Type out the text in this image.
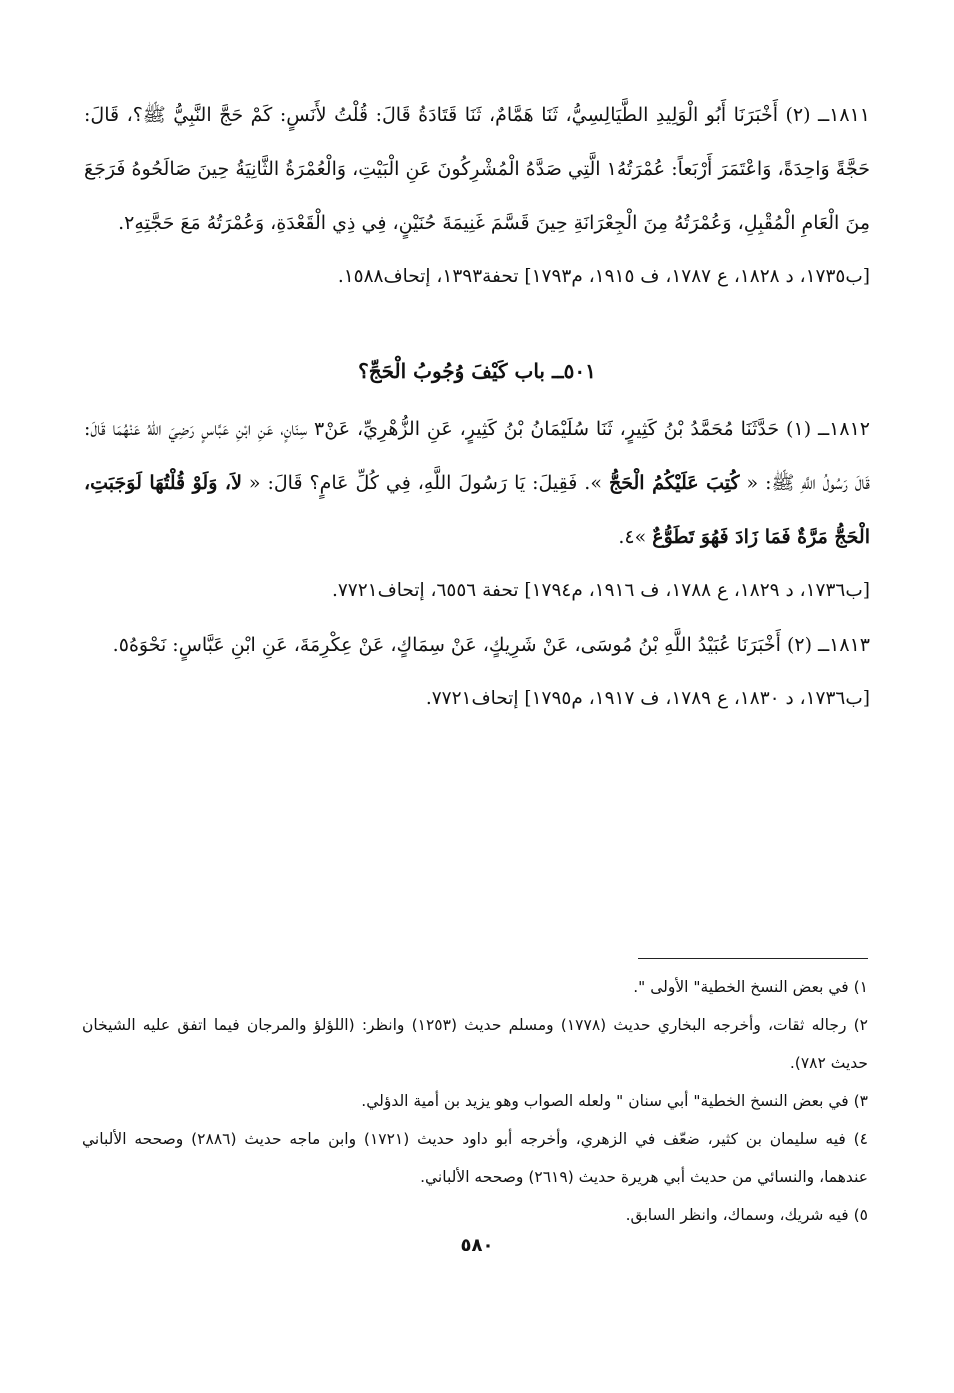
١٨١١ــ (٢) أَخْبَرَنَا أَبُو الْوَلِيدِ الطَّيَالِسِيُّ، ثَنَا هَمَّامٌ، ثَنَا قَتَادَةُ قَالَ: قُلْتُ لأَنَسٍ: كَمْ حَجَّ النَّبِيُّ ﷺ؟، قَالَ: حَجَّةً وَاحِدَةً، وَاعْتَمَرَ أَرْبَعاً: عُمْرَتُهُ١ الَّتِي صَدَّهُ الْمُشْرِكُونَ عَنِ الْبَيْتِ، وَالْعُمْرَةُ الثَّانِيَةُ حِينَ صَالَحُوهُ فَرَجَعَ مِنَ الْعَامِ الْمُقْبِلِ، وَعُمْرَتُهُ مِنَ الْجِعْرَانَةِ حِينَ قَسَّمَ غَنِيمَةَ حُنَيْنٍ، فِي ذِي الْقَعْدَةِ، وَعُمْرَتُهُ مَعَ حَجَّتِهِ٢.

[ب١٧٣٥، د ١٨٢٨، ع ١٧٨٧، ف ١٩١٥، م١٧٩٣] تحفة١٣٩٣، إتحاف١٥٨٨.

٥٠١ــ باب كَيْفَ وُجُوبُ الْحَجِّ؟

١٨١٢ــ (١) حَدَّثَنَا مُحَمَّدُ بْنُ كَثِيرٍ، ثَنَا سُلَيْمَانُ بْنُ كَثِيرٍ، عَنِ الزُّهْرِيِّ، عَنْ٣ سِنَانٍ، عَنِ ابْنِ عَبَّاسٍ رَضِيَ اللهُ عَنْهُمَا قَالَ: قَالَ رَسُولُ اللَّهِ ﷺ: « كُتِبَ عَلَيْكُمُ الْحَجُّ ». فَقِيلَ: يَا رَسُولَ اللَّهِ، فِي كُلِّ عَامٍ؟ قَالَ: « لاَ، وَلَوْ قُلْتُهَا لَوَجَبَتِ، الْحَجُّ مَرَّةٌ فَمَا زَادَ فَهُوَ تَطَوُّعٌ »٤.

[ب١٧٣٦، د ١٨٢٩، ع ١٧٨٨، ف ١٩١٦، م١٧٩٤] تحفة ٦٥٥٦، إتحاف٧٧٢١.

١٨١٣ــ (٢) أَخْبَرَنَا عُبَيْدُ اللَّهِ بْنُ مُوسَى، عَنْ شَرِيكٍ، عَنْ سِمَاكٍ، عَنْ عِكْرِمَةَ، عَنِ ابْنِ عَبَّاسٍ: نَحْوَهُ٥.

[ب١٧٣٦، د ١٨٣٠، ع ١٧٨٩، ف ١٩١٧، م١٧٩٥] إتحاف٧٧٢١.

١) في بعض النسخ الخطية" الأولى ".

٢) رجاله ثقات، وأخرجه البخاري حديث (١٧٧٨) ومسلم حديث (١٢٥٣) وانظر: (اللؤلؤ والمرجان فيما اتفق عليه الشيخان حديث ٧٨٢).

٣) في بعض النسخ الخطية" أبي سنان " ولعله الصواب وهو يزيد بن أمية الدؤلي.

٤) فيه سليمان بن كثير، ضعّف في الزهري، وأخرجه أبو داود حديث (١٧٢١) وابن ماجه حديث (٢٨٨٦) وصححه الألباني عندهما، والنسائي من حديث أبي هريرة حديث (٢٦١٩) وصححه الألباني.

٥) فيه شريك، وسماك، وانظر السابق.

٥٨٠
